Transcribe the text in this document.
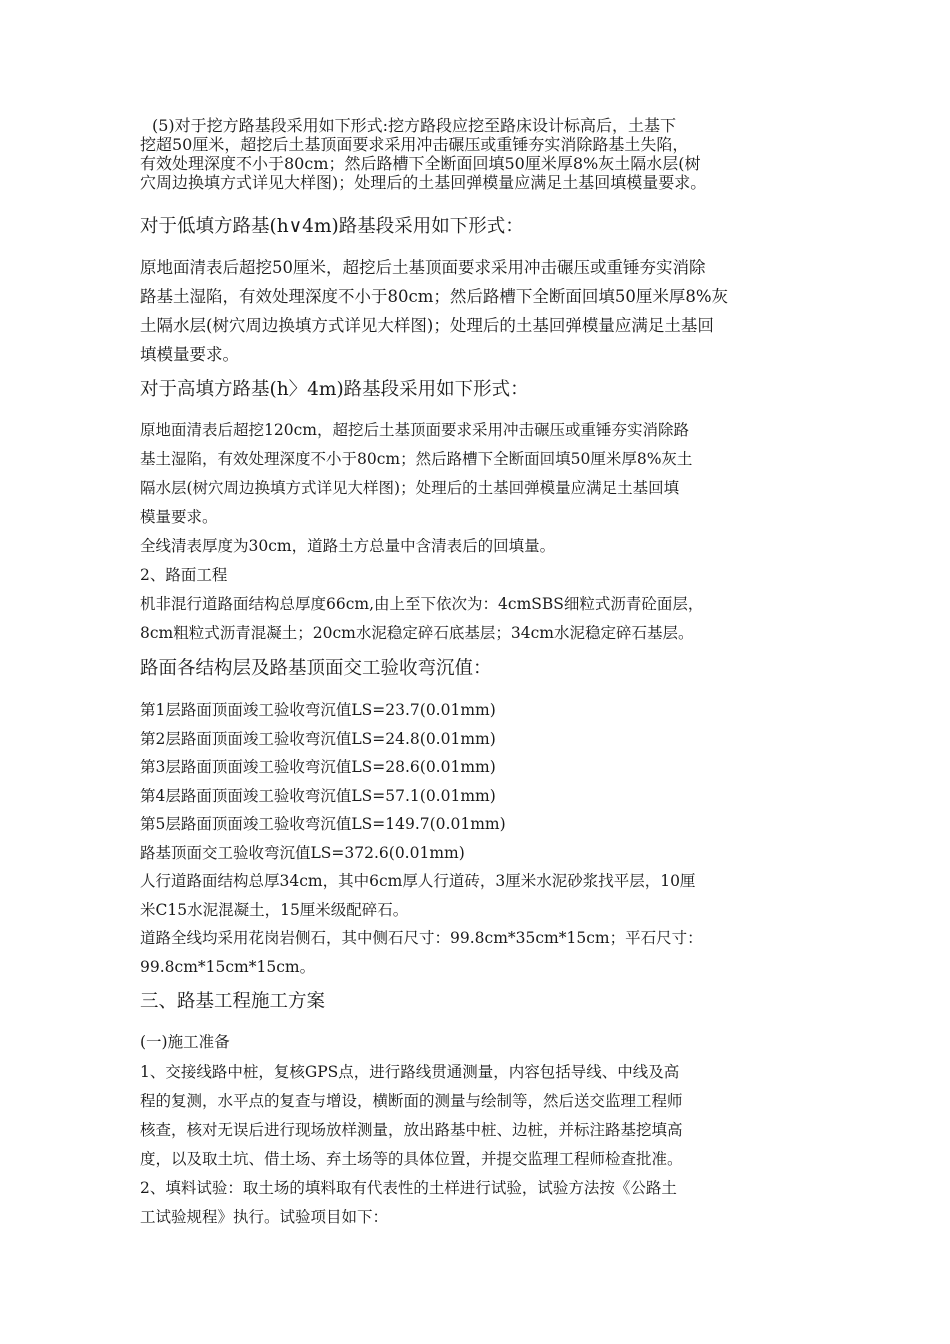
(5)对于挖方路基段采用如下形式:挖方路段应挖至路床设计标高后，土基下

挖超50厘米，超挖后土基顶面要求采用冲击碾压或重锤夯实消除路基土失陷，

有效处理深度不小于80cm；然后路槽下全断面回填50厘米厚8%灰土隔水层(树

穴周边换填方式详见大样图)；处理后的土基回弹模量应满足土基回填模量要求。

对于低填方路基(h∨4m)路基段采用如下形式：

原地面清表后超挖50厘米，超挖后土基顶面要求采用冲击碾压或重锤夯实消除

路基土湿陷，有效处理深度不小于80cm；然后路槽下全断面回填50厘米厚8%灰

土隔水层(树穴周边换填方式详见大样图)；处理后的土基回弹模量应满足土基回

填模量要求。

对于高填方路基(h〉4m)路基段采用如下形式：

原地面清表后超挖120cm，超挖后土基顶面要求采用冲击碾压或重锤夯实消除路

基土湿陷，有效处理深度不小于80cm；然后路槽下全断面回填50厘米厚8%灰土

隔水层(树穴周边换填方式详见大样图)；处理后的土基回弹模量应满足土基回填

模量要求。

全线清表厚度为30cm，道路土方总量中含清表后的回填量。

2、路面工程

机非混行道路面结构总厚度66cm,由上至下依次为：4cmSBS细粒式沥青砼面层，

8cm粗粒式沥青混凝土；20cm水泥稳定碎石底基层；34cm水泥稳定碎石基层。

路面各结构层及路基顶面交工验收弯沉值：

第1层路面顶面竣工验收弯沉值LS=23.7(0.01mm)

第2层路面顶面竣工验收弯沉值LS=24.8(0.01mm)

第3层路面顶面竣工验收弯沉值LS=28.6(0.01mm)

第4层路面顶面竣工验收弯沉值LS=57.1(0.01mm)

第5层路面顶面竣工验收弯沉值LS=149.7(0.01mm)

路基顶面交工验收弯沉值LS=372.6(0.01mm)

人行道路面结构总厚34cm，其中6cm厚人行道砖，3厘米水泥砂浆找平层，10厘

米C15水泥混凝土，15厘米级配碎石。

道路全线均采用花岗岩侧石，其中侧石尺寸：99.8cm*35cm*15cm；平石尺寸：

99.8cm*15cm*15cm。

三、路基工程施工方案

(一)施工准备

1、交接线路中桩，复核GPS点，进行路线贯通测量，内容包括导线、中线及高

程的复测，水平点的复查与增设，横断面的测量与绘制等，然后送交监理工程师

核查，核对无误后进行现场放样测量，放出路基中桩、边桩，并标注路基挖填高

度，以及取土坑、借土场、弃土场等的具体位置，并提交监理工程师检查批准。

2、填料试验：取土场的填料取有代表性的土样进行试验，试验方法按《公路土

工试验规程》执行。试验项目如下：
